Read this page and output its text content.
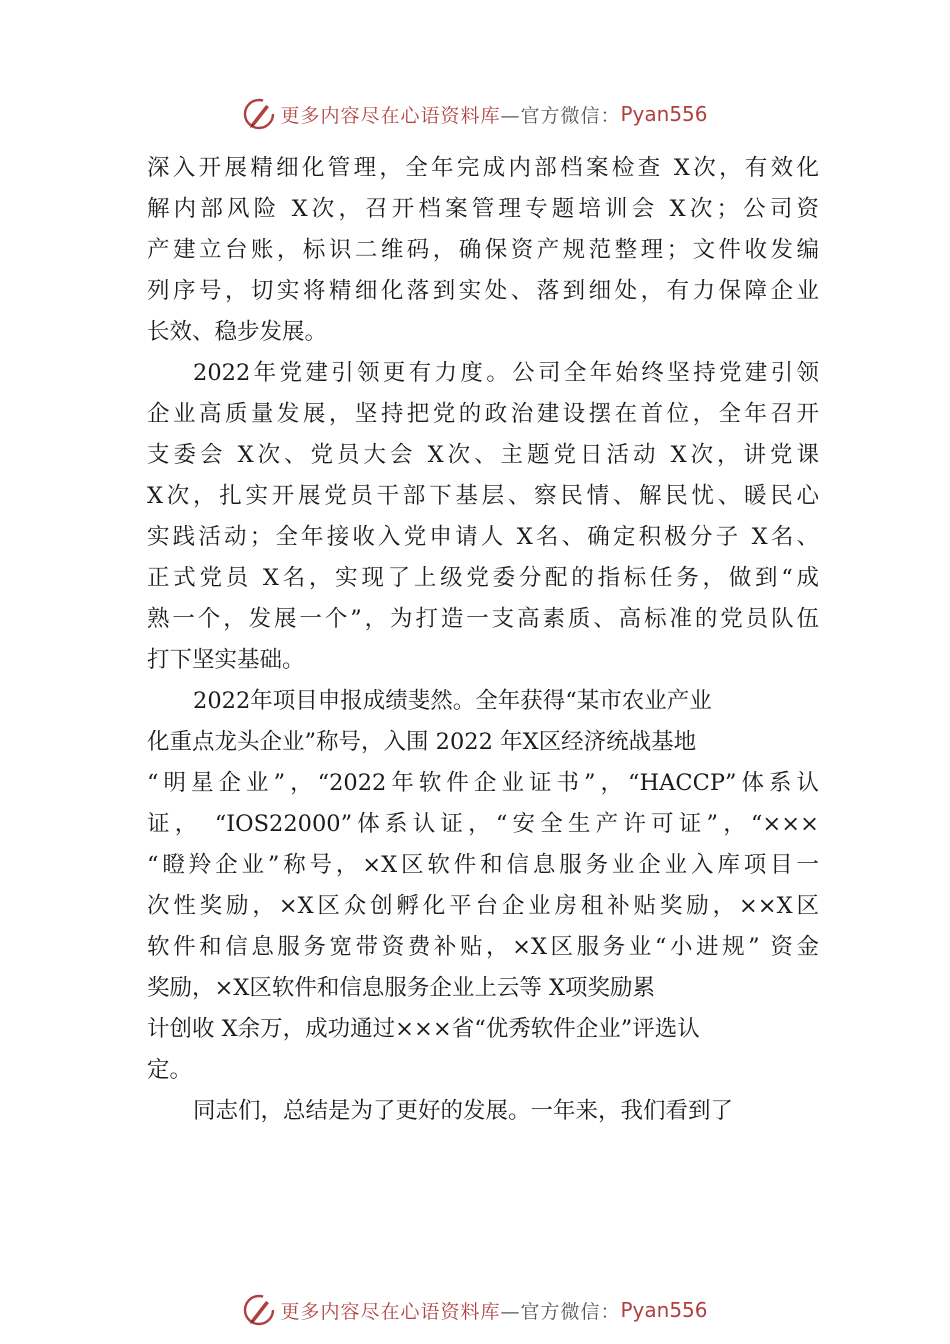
更多内容尽在心语资料库 —官方微信： Pyan556
深入开展精细化管理，全年完成内部档案检查 X次，有效化
解内部风险 X次，召开档案管理专题培训会 X次；公司资
产建立台账，标识二维码，确保资产规范整理；文件收发编
列序号，切实将精细化落到实处、落到细处，有力保障企业
长效、稳步发展。
2022年党建引领更有力度。公司全年始终坚持党建引领
企业高质量发展，坚持把党的政治建设摆在首位，全年召开
支委会 X次、党员大会 X次、主题党日活动 X次，讲党课
X次，扎实开展党员干部下基层、察民情、解民忧、暖民心
实践活动；全年接收入党申请人 X名、确定积极分子 X名、
正式党员 X名，实现了上级党委分配的指标任务，做到“成
熟一个，发展一个”，为打造一支高素质、高标准的党员队伍
打下坚实基础。
2022年项目申报成绩斐然。全年获得“某市农业产业
化重点龙头企业”称号，入围 2022 年X区经济统战基地
“明星企业”，“2022年软件企业证书”，“HACCP”体系认
证， “IOS22000”体系认证，“安全生产许可证”，“×××
“瞪羚企业”称号，×X区软件和信息服务业企业入库项目一
次性奖励，×X区众创孵化平台企业房租补贴奖励，××X区
软件和信息服务宽带资费补贴，×X区服务业“小进规” 资金
奖励，×X区软件和信息服务企业上云等 X项奖励累
计创收 X余万，成功通过×××省“优秀软件企业”评选认
定。
同志们，总结是为了更好的发展。一年来，我们看到了
更多内容尽在心语资料库 —官方微信： Pyan556
